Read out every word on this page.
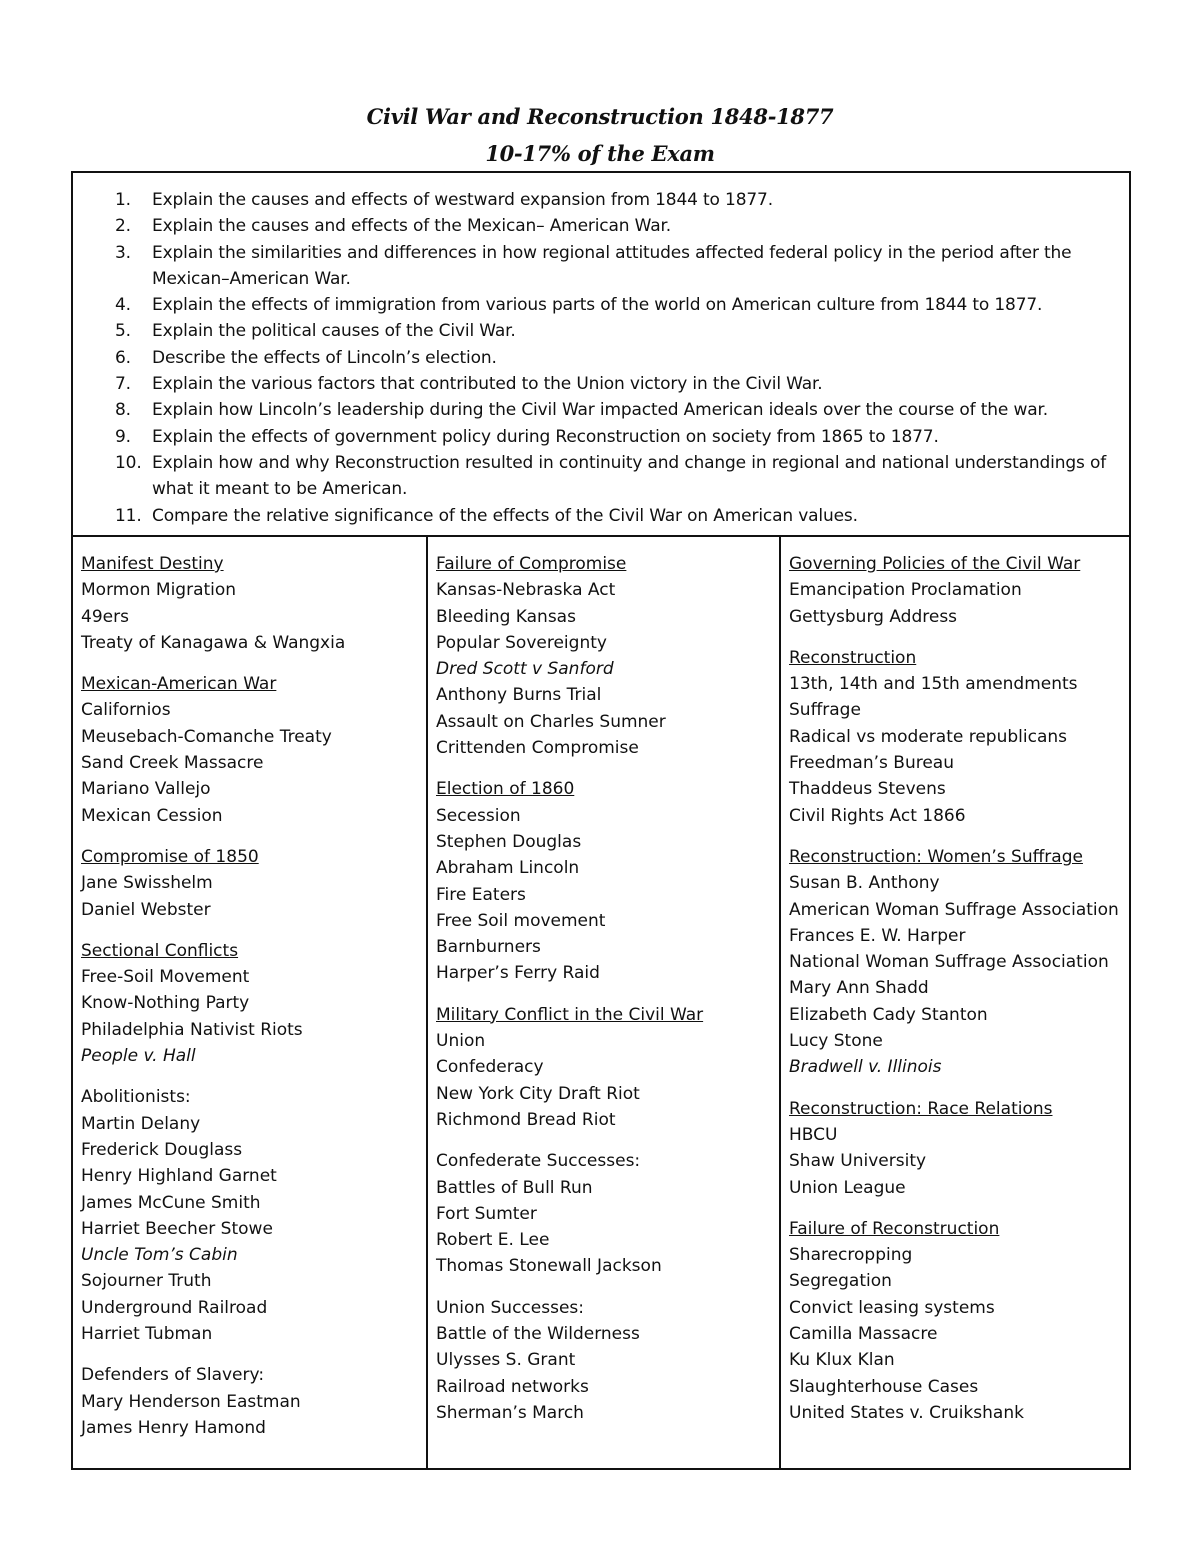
Civil War and Reconstruction 1848-1877
10-17% of the Exam
1. Explain the causes and effects of westward expansion from 1844 to 1877.
2. Explain the causes and effects of the Mexican– American War.
3. Explain the similarities and differences in how regional attitudes affected federal policy in the period after the Mexican–American War.
4. Explain the effects of immigration from various parts of the world on American culture from 1844 to 1877.
5. Explain the political causes of the Civil War.
6. Describe the effects of Lincoln’s election.
7. Explain the various factors that contributed to the Union victory in the Civil War.
8. Explain how Lincoln’s leadership during the Civil War impacted American ideals over the course of the war.
9. Explain the effects of government policy during Reconstruction on society from 1865 to 1877.
10. Explain how and why Reconstruction resulted in continuity and change in regional and national understandings of what it meant to be American.
11. Compare the relative significance of the effects of the Civil War on American values.
Manifest Destiny
Mormon Migration
49ers
Treaty of Kanagawa & Wangxia
Mexican-American War
Californios
Meusebach-Comanche Treaty
Sand Creek Massacre
Mariano Vallejo
Mexican Cession
Compromise of 1850
Jane Swisshelm
Daniel Webster
Sectional Conflicts
Free-Soil Movement
Know-Nothing Party
Philadelphia Nativist Riots
People v. Hall
Abolitionists:
Martin Delany
Frederick Douglass
Henry Highland Garnet
James McCune Smith
Harriet Beecher Stowe
Uncle Tom’s Cabin
Sojourner Truth
Underground Railroad
Harriet Tubman
Defenders of Slavery:
Mary Henderson Eastman
James Henry Hamond
Failure of Compromise
Kansas-Nebraska Act
Bleeding Kansas
Popular Sovereignty
Dred Scott v Sanford
Anthony Burns Trial
Assault on Charles Sumner
Crittenden Compromise
Election of 1860
Secession
Stephen Douglas
Abraham Lincoln
Fire Eaters
Free Soil movement
Barnburners
Harper’s Ferry Raid
Military Conflict in the Civil War
Union
Confederacy
New York City Draft Riot
Richmond Bread Riot
Confederate Successes:
Battles of Bull Run
Fort Sumter
Robert E. Lee
Thomas Stonewall Jackson
Union Successes:
Battle of the Wilderness
Ulysses S. Grant
Railroad networks
Sherman’s March
Governing Policies of the Civil War
Emancipation Proclamation
Gettysburg Address
Reconstruction
13th, 14th and 15th amendments
Suffrage
Radical vs moderate republicans
Freedman’s Bureau
Thaddeus Stevens
Civil Rights Act 1866
Reconstruction: Women’s Suffrage
Susan B. Anthony
American Woman Suffrage Association
Frances E. W. Harper
National Woman Suffrage Association
Mary Ann Shadd
Elizabeth Cady Stanton
Lucy Stone
Bradwell v. Illinois
Reconstruction: Race Relations
HBCU
Shaw University
Union League
Failure of Reconstruction
Sharecropping
Segregation
Convict leasing systems
Camilla Massacre
Ku Klux Klan
Slaughterhouse Cases
United States v. Cruikshank
